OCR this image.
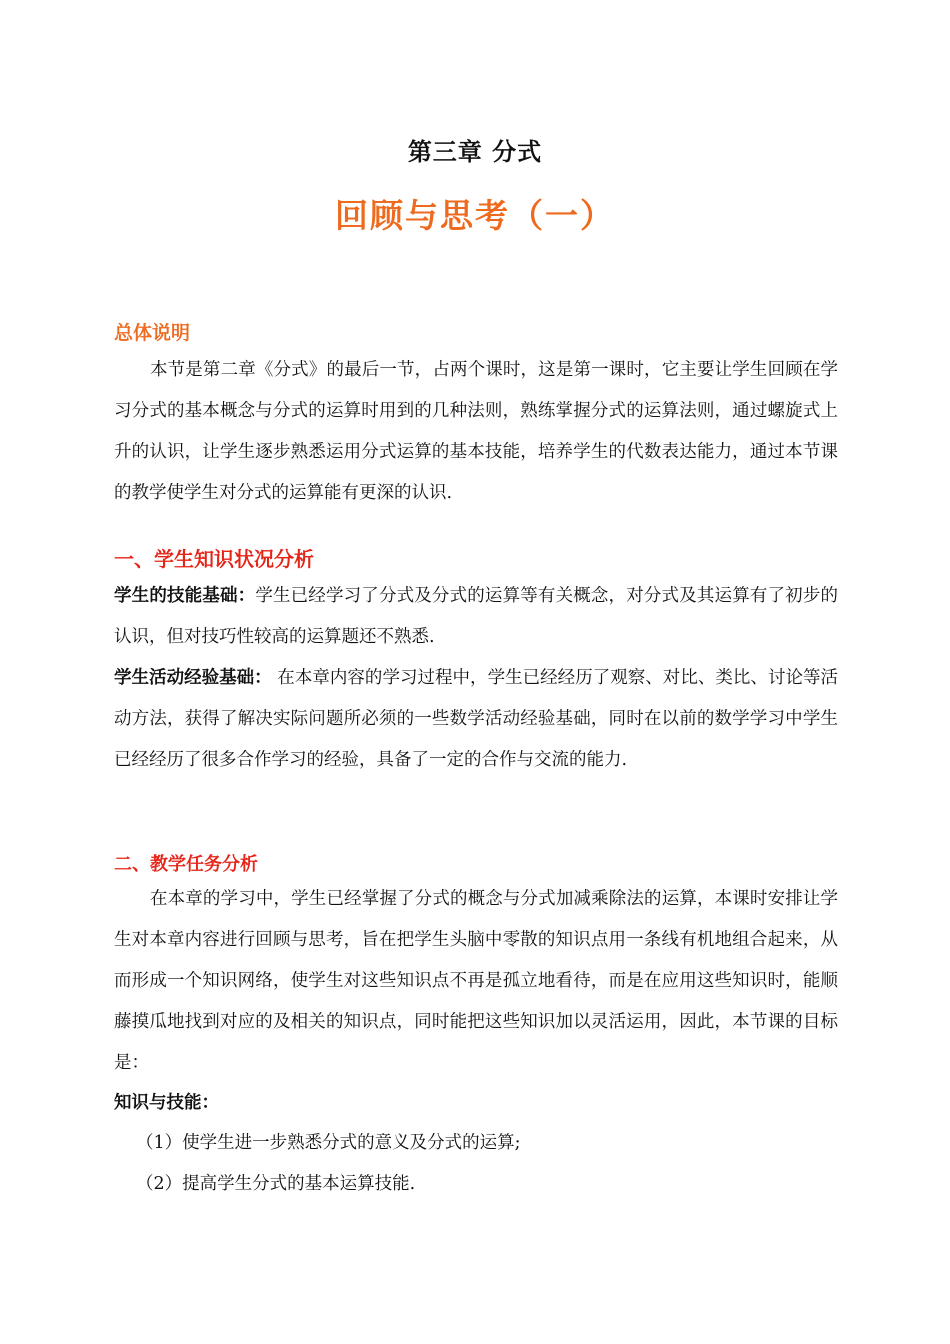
第三章 分式
回顾与思考（一）
总体说明
本节是第二章《分式》的最后一节，占两个课时，这是第一课时，它主要让学生回顾在学习分式的基本概念与分式的运算时用到的几种法则，熟练掌握分式的运算法则，通过螺旋式上升的认识，让学生逐步熟悉运用分式运算的基本技能，培养学生的代数表达能力，通过本节课的教学使学生对分式的运算能有更深的认识.
一、学生知识状况分析
学生的技能基础：学生已经学习了分式及分式的运算等有关概念，对分式及其运算有了初步的认识，但对技巧性较高的运算题还不熟悉.
学生活动经验基础： 在本章内容的学习过程中，学生已经经历了观察、对比、类比、讨论等活动方法，获得了解决实际问题所必须的一些数学活动经验基础，同时在以前的数学学习中学生已经经历了很多合作学习的经验，具备了一定的合作与交流的能力.
二、教学任务分析
在本章的学习中，学生已经掌握了分式的概念与分式加减乘除法的运算，本课时安排让学生对本章内容进行回顾与思考，旨在把学生头脑中零散的知识点用一条线有机地组合起来，从而形成一个知识网络，使学生对这些知识点不再是孤立地看待，而是在应用这些知识时，能顺藤摸瓜地找到对应的及相关的知识点，同时能把这些知识加以灵活运用，因此，本节课的目标是：
知识与技能：
（1）使学生进一步熟悉分式的意义及分式的运算;
（2）提高学生分式的基本运算技能.
